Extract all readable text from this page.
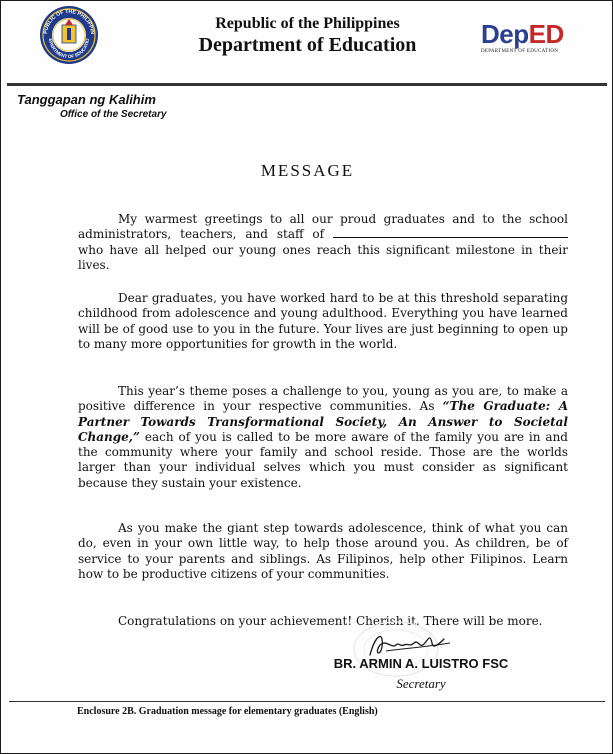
PUBLIC OF THE PHILIPPIN
EPARTMENT OF EDUCATIO
Republic of the Philippines
Department of Education	DepED
DEPARTMENT OF EDUCATION
Tanggapan ng Kalihim
Office of the Secretary
MESSAGE

My warmest greetings to all our proud graduates and to the school administrators, teachers, and staff of  who have all helped our young ones reach this significant milestone in their lives.

Dear graduates, you have worked hard to be at this threshold separating childhood from adolescence and young adulthood. Everything you have learned will be of good use to you in the future. Your lives are just beginning to open up to many more opportunities for growth in the world.

This year’s theme poses a challenge to you, young as you are, to make a positive difference in your respective communities. As “The Graduate: A Partner Towards Transformational Society, An Answer to Societal Change,” each of you is called to be more aware of the family you are in and the community where your family and school reside. Those are the worlds larger than your individual selves which you must consider as significant because they sustain your existence.

As you make the giant step towards adolescence, think of what you can do, even in your own little way, to help those around you. As children, be of service to your parents and siblings. As Filipinos, help other Filipinos. Learn how to be productive citizens of your communities.

Congratulations on your achievement! Cherish it. There will be more.

BR. ARMIN A. LUISTRO FSC
Secretary
Enclosure 2B. Graduation message for elementary graduates (English)
